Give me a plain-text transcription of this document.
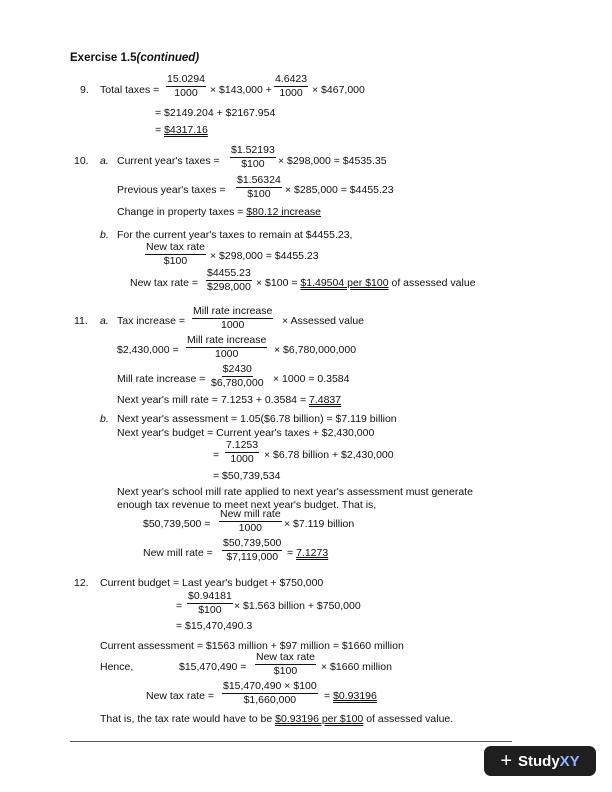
Exercise 1.5(continued)
9. Total taxes = $\frac{15.0294}{1000}$ × $143,000 + $\frac{4.6423}{1000}$ × $467,000
= $2149.204 + $2167.954
= $4317.16
10. a. Current year's taxes = $\frac{\$1.52193}{\$100}$ × $298,000 = $4535.35
Previous year's taxes = $\frac{\$1.56324}{\$100}$ × $285,000 = $4455.23
Change in property taxes = $80.12 increase
b. For the current year's taxes to remain at $4455.23,
New tax rate
$100 × $298,000 = $4455.23
New tax rate = $\frac{\$4455.23}{\$298,000}$ × $100 = $1.49504 per $100 of assessed value
11. a. Tax increase =
Mill rate increase
1000	× Assessed value
$2,430,000 =
Mill rate increase
1000	× $6,780,000,000
Mill rate increase = $\frac{\$2430}{\$6,780,000} \times 1000 = 0.3584$
Next year's mill rate = 7.1253 + 0.3584 = 7.4837
b. Next year's assessment = 1.05($6.78 billion) = $7.119 billion
Next year's budget = Current year's taxes + $2,430,000
= $\frac{7.1253}{1000}$ × $6.78 billion + $2,430,000
= $50,739,534
Next year's school mill rate applied to next year's assessment must generate
enough tax revenue to meet next year's budget. That is,
$50,739,500 =
New mill rate
1000 × $7.119 billion
New mill rate = $\frac{\$50,739,500}{\$7,119,000} = 7.1273$
12. Current budget = Last year's budget + $750,000
= $\frac{\$0.94181}{\$100}$ × $1.563 billion + $750,000
= $15,470,490.3
Current assessment = $1563 million + $97 million = $1660 million
Hence,	$15,470,490 =
New tax rate
$100 × $1660 million
New tax rate = $\frac{\$15,470,490 \times \$100}{\$1,660,000}$ = $0.93196
That is, the tax rate would have to be $0.93196 per $100 of assessed value.
+ StudyXY
